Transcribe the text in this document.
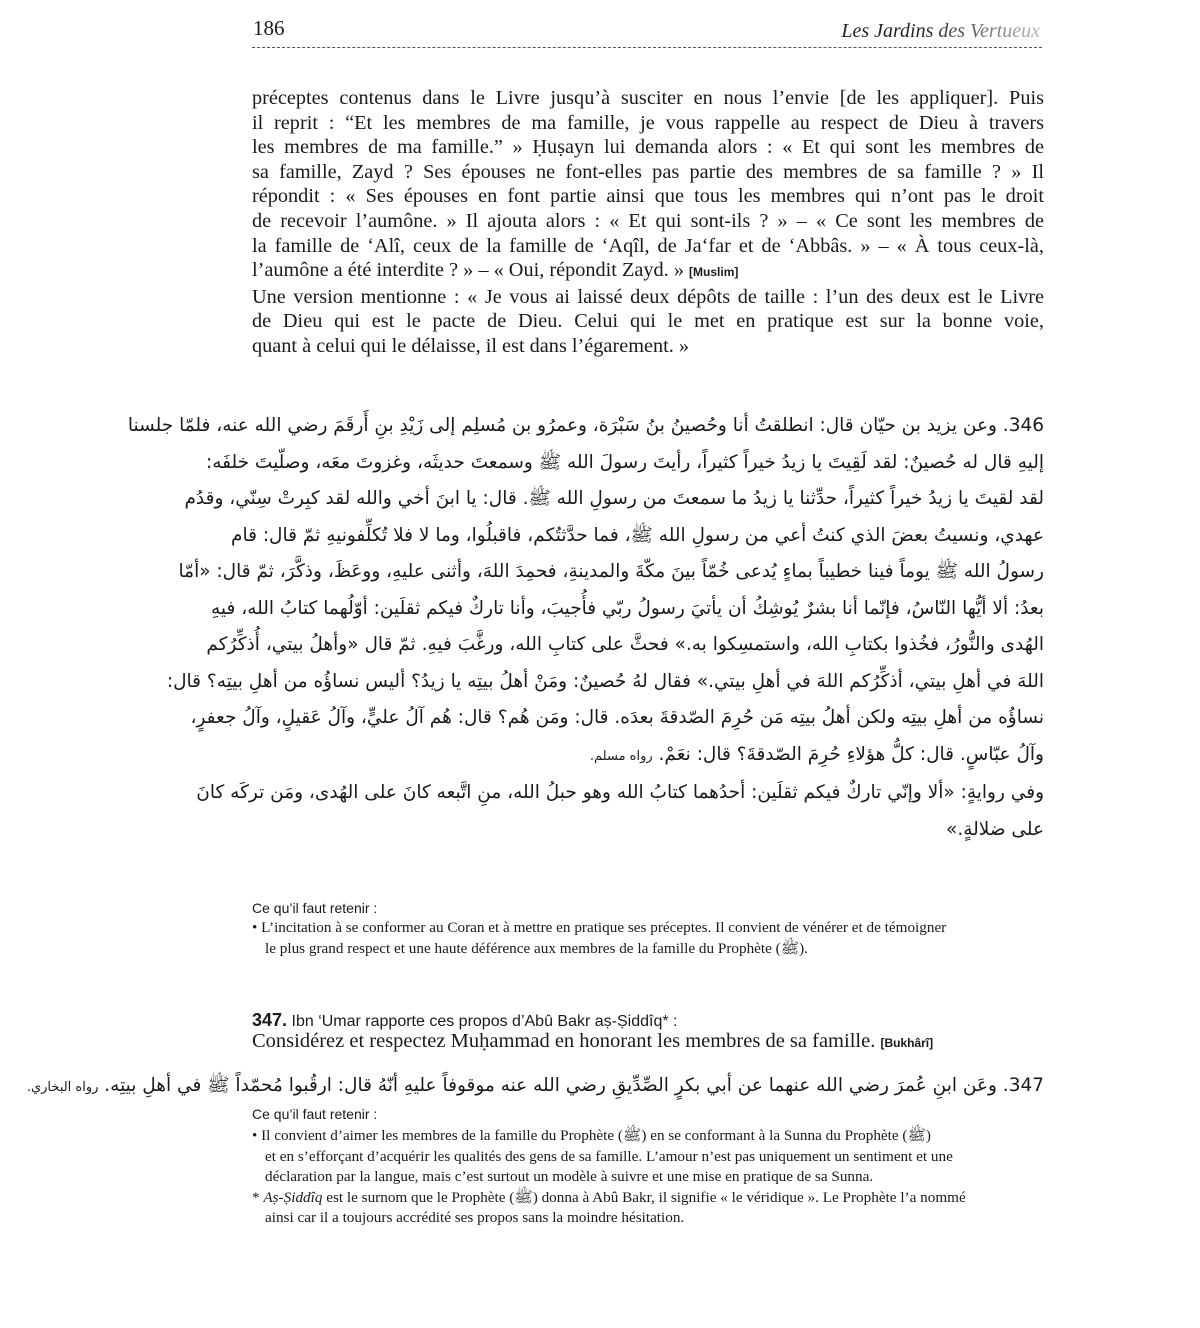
186	Les Jardins des Vertueux
préceptes contenus dans le Livre jusqu’à susciter en nous l’envie [de les appliquer]. Puis
il reprit : “Et les membres de ma famille, je vous rappelle au respect de Dieu à travers
les membres de ma famille.” » Ḥuṣayn lui demanda alors : « Et qui sont les membres de
sa famille, Zayd ? Ses épouses ne font-elles pas partie des membres de sa famille ? » Il
répondit : « Ses épouses en font partie ainsi que tous les membres qui n’ont pas le droit
de recevoir l’aumône. » Il ajouta alors : « Et qui sont-ils ? » – « Ce sont les membres de
la famille de ‘Alî, ceux de la famille de ‘Aqîl, de Ja‘far et de ‘Abbâs. » – « À tous ceux-là,
l’aumône a été interdite ? » – « Oui, répondit Zayd. » [Muslim]
Une version mentionne : « Je vous ai laissé deux dépôts de taille : l’un des deux est le Livre
de Dieu qui est le pacte de Dieu. Celui qui le met en pratique est sur la bonne voie,
quant à celui qui le délaisse, il est dans l’égarement. »
346. وعن يزيد بن حيّان قال: انطلقتُ أنا وحُصينُ بنُ سَبْرَة، وعمرُو بن مُسلِم إلى زَيْدِ بنِ أَرقَمَ رضي الله عنه، فلمّا جلسنا
إليهِ قال له حُصينٌ: لقد لَقِيتَ يا زيدُ خيراً كثيراً، رأيتَ رسولَ الله ﷺ وسمعتَ حديثَه، وغزوتَ معَه، وصلّيتَ خلفَه:
لقد لقيتَ يا زيدُ خيراً كثيراً، حدِّثنا يا زيدُ ما سمعتَ من رسولِ الله ﷺ. قال: يا ابنَ أخي والله لقد كبِرتْ سِنّي، وقدُم
عهدي، ونسيتُ بعضَ الذي كنتُ أعي من رسولِ الله ﷺ، فما حدَّثتُكم، فاقبلُوا، وما لا فلا تُكلِّفونيهِ ثمّ قال: قام
رسولُ الله ﷺ يوماً فينا خطيباً بماءٍ يُدعى خُمّاً بينَ مكّةَ والمدينةِ، فحمِدَ اللهَ، وأثنى عليهِ، ووعَظَ، وذكَّرَ، ثمّ قال: «أمّا
بعدُ: ألا أيُّها النّاسُ، فإنّما أنا بشرٌ يُوشِكُ أن يأتيَ رسولُ ربّي فأُجيبَ، وأنا تاركٌ فيكم ثقلَين: أوّلُهما كتابُ الله، فيهِ
الهُدى والنُّورُ، فخُذوا بكتابِ الله، واستمسِكوا به.» فحثَّ على كتابِ الله، ورغَّبَ فيهِ. ثمّ قال «وأهلُ بيتي، أُذكِّرُكم
اللهَ في أهلِ بيتي، أذكِّرُكم اللهَ في أهلِ بيتي.» فقال لهُ حُصينٌ: ومَنْ أهلُ بيتِه يا زيدُ؟ أليس نساؤُه من أهلِ بيتِه؟ قال:
نساؤُه من أهلِ بيتِه ولكن أهلُ بيتِه مَن حُرِمَ الصّدقةَ بعدَه. قال: ومَن هُم؟ قال: هُم آلُ عليٍّ، وآلُ عَقيلٍ، وآلُ جعفرٍ،
وآلُ عبّاسٍ. قال: كلُّ هؤلاءِ حُرِمَ الصّدقةَ؟ قال: نعَمْ. رواه مسلم.
وفي روايةٍ: «ألا وإنّي تاركٌ فيكم ثقلَين: أحدُهما كتابُ الله وهو حبلُ الله، منِ اتَّبعه كانَ على الهُدى، ومَن تركَه كانَ
على ضلالةٍ.»
Ce qu’il faut retenir :
• L’incitation à se conformer au Coran et à mettre en pratique ses préceptes. Il convient de vénérer et de témoigner
le plus grand respect et une haute déférence aux membres de la famille du Prophète (ﷺ).
347. Ibn ‘Umar rapporte ces propos d’Abû Bakr aṣ-Ṣiddîq* :
Considérez et respectez Muḥammad en honorant les membres de sa famille. [Bukhârî]
347. وعَن ابنِ عُمرَ رضي الله عنهما عن أبي بكرٍ الصِّدِّيقِ رضي الله عنه موقوفاً عليهِ أنّهُ قال: ارقُبوا مُحمّداً ﷺ في أهلِ بيتِه. رواه البخاري.
Ce qu’il faut retenir :
• Il convient d’aimer les membres de la famille du Prophète (ﷺ) en se conformant à la Sunna du Prophète (ﷺ)
et en s’efforçant d’acquérir les qualités des gens de sa famille. L’amour n’est pas uniquement un sentiment et une
déclaration par la langue, mais c’est surtout un modèle à suivre et une mise en pratique de sa Sunna.
* Aṣ-Ṣiddîq est le surnom que le Prophète (ﷺ) donna à Abû Bakr, il signifie « le véridique ». Le Prophète l’a nommé
ainsi car il a toujours accrédité ses propos sans la moindre hésitation.
